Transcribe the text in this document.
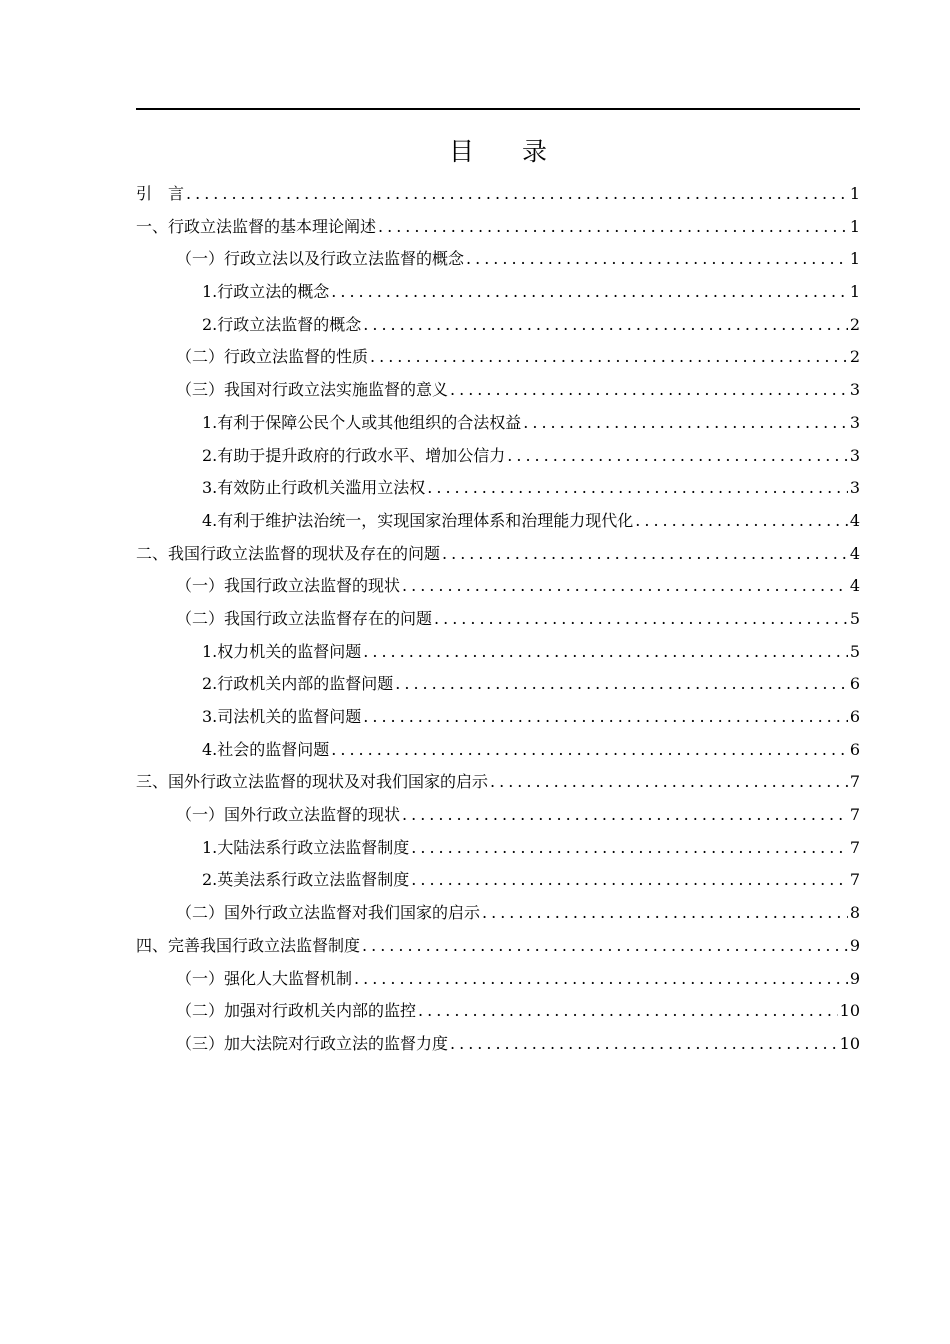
目 录
引　言 .....	1
一、行政立法监督的基本理论阐述 .....	1
（一）行政立法以及行政立法监督的概念 .....	1
1.行政立法的概念 .....	1
2.行政立法监督的概念 .....	2
（二）行政立法监督的性质 .....	2
（三）我国对行政立法实施监督的意义 .....	3
1.有利于保障公民个人或其他组织的合法权益 .....	3
2.有助于提升政府的行政水平、增加公信力 .....	3
3.有效防止行政机关滥用立法权 .....	3
4.有利于维护法治统一，实现国家治理体系和治理能力现代化 .....	4
二、我国行政立法监督的现状及存在的问题 .....	4
（一）我国行政立法监督的现状 .....	4
（二）我国行政立法监督存在的问题 .....	5
1.权力机关的监督问题 .....	5
2.行政机关内部的监督问题 .....	6
3.司法机关的监督问题 .....	6
4.社会的监督问题 .....	6
三、国外行政立法监督的现状及对我们国家的启示 .....	7
（一）国外行政立法监督的现状 .....	7
1.大陆法系行政立法监督制度 .....	7
2.英美法系行政立法监督制度 .....	7
（二）国外行政立法监督对我们国家的启示 .....	8
四、完善我国行政立法监督制度 .....	9
（一）强化人大监督机制 .....	9
（二）加强对行政机关内部的监控 .....	10
（三）加大法院对行政立法的监督力度 .....	10
